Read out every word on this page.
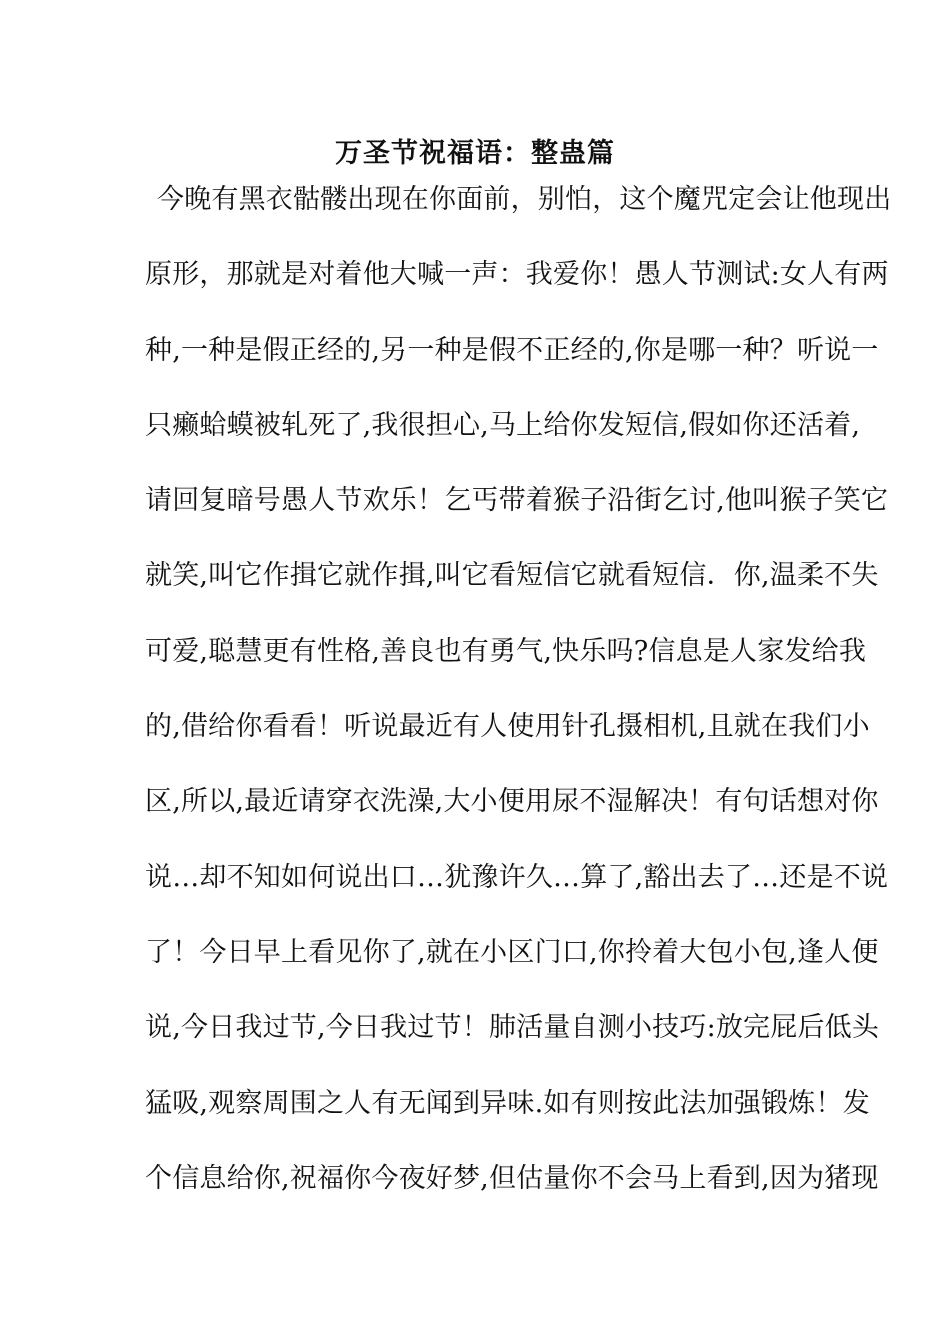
万圣节祝福语：整蛊篇
今晚有黑衣骷髅出现在你面前，别怕，这个魔咒定会让他现出
原形，那就是对着他大喊一声：我爱你！愚人节测试:女人有两
种,一种是假正经的,另一种是假不正经的,你是哪一种？听说一
只癞蛤蟆被轧死了,我很担心,马上给你发短信,假如你还活着,
请回复暗号愚人节欢乐！乞丐带着猴子沿街乞讨,他叫猴子笑它
就笑,叫它作揖它就作揖,叫它看短信它就看短信．你,温柔不失
可爱,聪慧更有性格,善良也有勇气,快乐吗?信息是人家发给我
的,借给你看看！听说最近有人使用针孔摄相机,且就在我们小
区,所以,最近请穿衣洗澡,大小便用尿不湿解决！有句话想对你
说…却不知如何说出口…犹豫许久…算了,豁出去了…还是不说
了！今日早上看见你了,就在小区门口,你拎着大包小包,逢人便
说,今日我过节,今日我过节！肺活量自测小技巧:放完屁后低头
猛吸,观察周围之人有无闻到异味.如有则按此法加强锻炼！发
个信息给你,祝福你今夜好梦,但估量你不会马上看到,因为猪现
